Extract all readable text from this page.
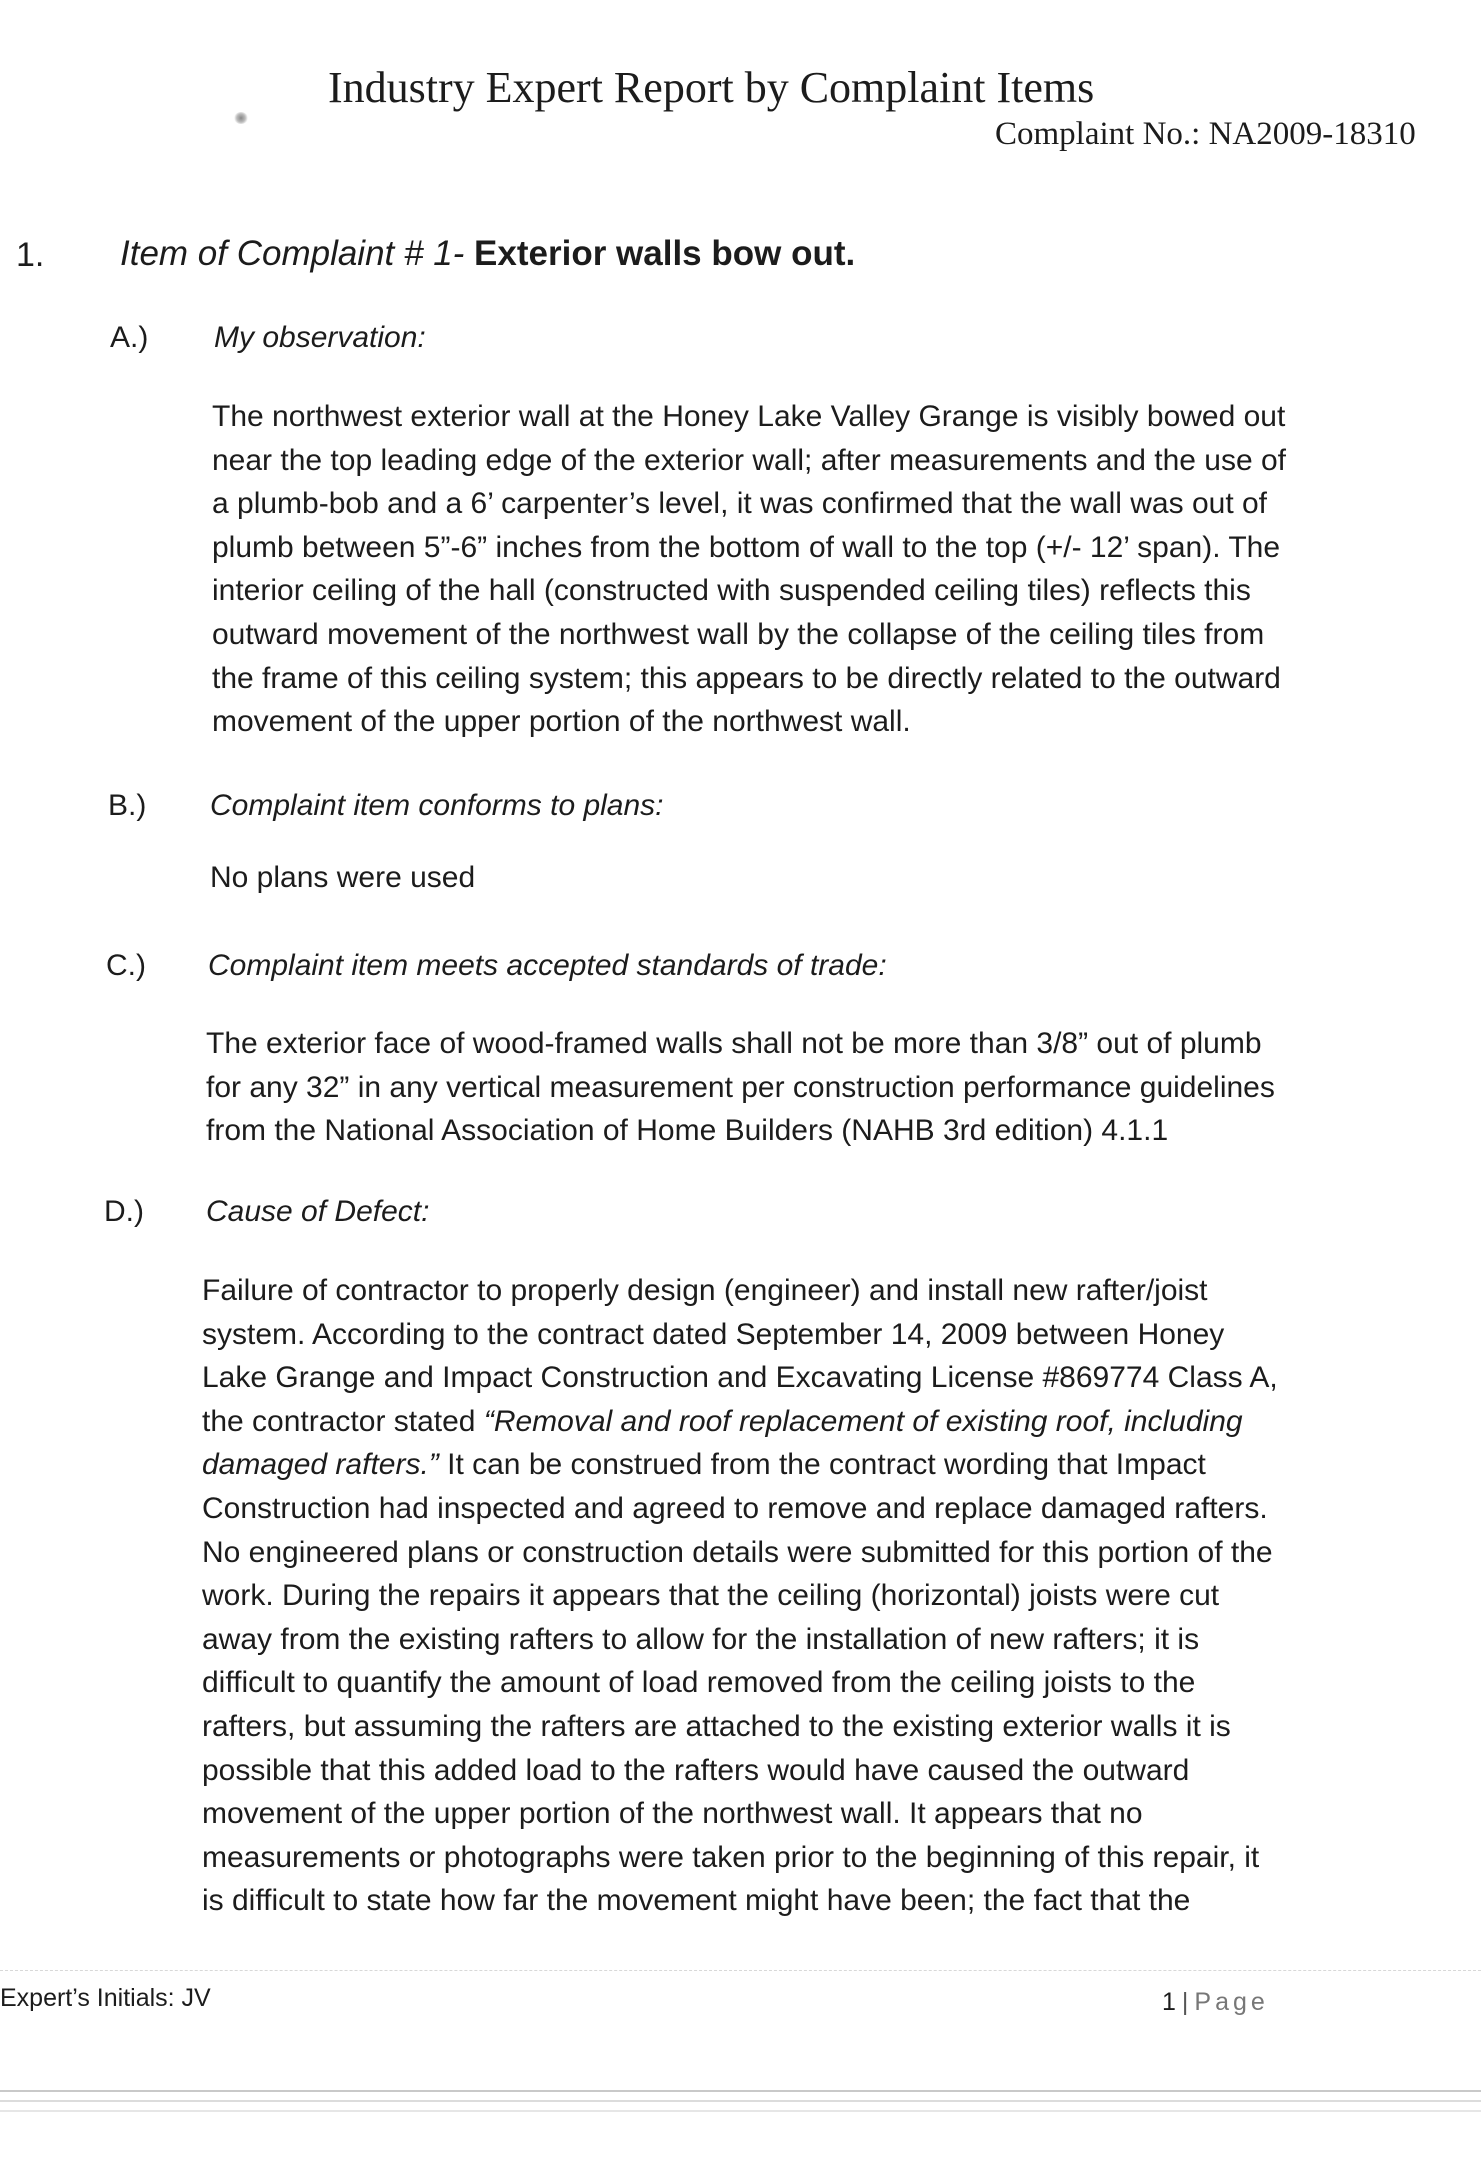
Industry Expert Report by Complaint Items
Complaint No.: NA2009-18310
1. Item of Complaint # 1- Exterior walls bow out.
A.) My observation:
The northwest exterior wall at the Honey Lake Valley Grange is visibly bowed out
near the top leading edge of the exterior wall; after measurements and the use of
a plumb-bob and a 6’ carpenter’s level, it was confirmed that the wall was out of
plumb between 5”-6” inches from the bottom of wall to the top (+/- 12’ span). The
interior ceiling of the hall (constructed with suspended ceiling tiles) reflects this
outward movement of the northwest wall by the collapse of the ceiling tiles from
the frame of this ceiling system; this appears to be directly related to the outward
movement of the upper portion of the northwest wall.
B.) Complaint item conforms to plans:
No plans were used
C.) Complaint item meets accepted standards of trade:
The exterior face of wood-framed walls shall not be more than 3/8” out of plumb
for any 32” in any vertical measurement per construction performance guidelines
from the National Association of Home Builders (NAHB 3rd edition) 4.1.1
D.) Cause of Defect:
Failure of contractor to properly design (engineer) and install new rafter/joist
system. According to the contract dated September 14, 2009 between Honey
Lake Grange and Impact Construction and Excavating License #869774 Class A,
the contractor stated “Removal and roof replacement of existing roof, including
damaged rafters.” It can be construed from the contract wording that Impact
Construction had inspected and agreed to remove and replace damaged rafters.
No engineered plans or construction details were submitted for this portion of the
work. During the repairs it appears that the ceiling (horizontal) joists were cut
away from the existing rafters to allow for the installation of new rafters; it is
difficult to quantify the amount of load removed from the ceiling joists to the
rafters, but assuming the rafters are attached to the existing exterior walls it is
possible that this added load to the rafters would have caused the outward
movement of the upper portion of the northwest wall. It appears that no
measurements or photographs were taken prior to the beginning of this repair, it
is difficult to state how far the movement might have been; the fact that the
Expert’s Initials: JV	1 | Page
